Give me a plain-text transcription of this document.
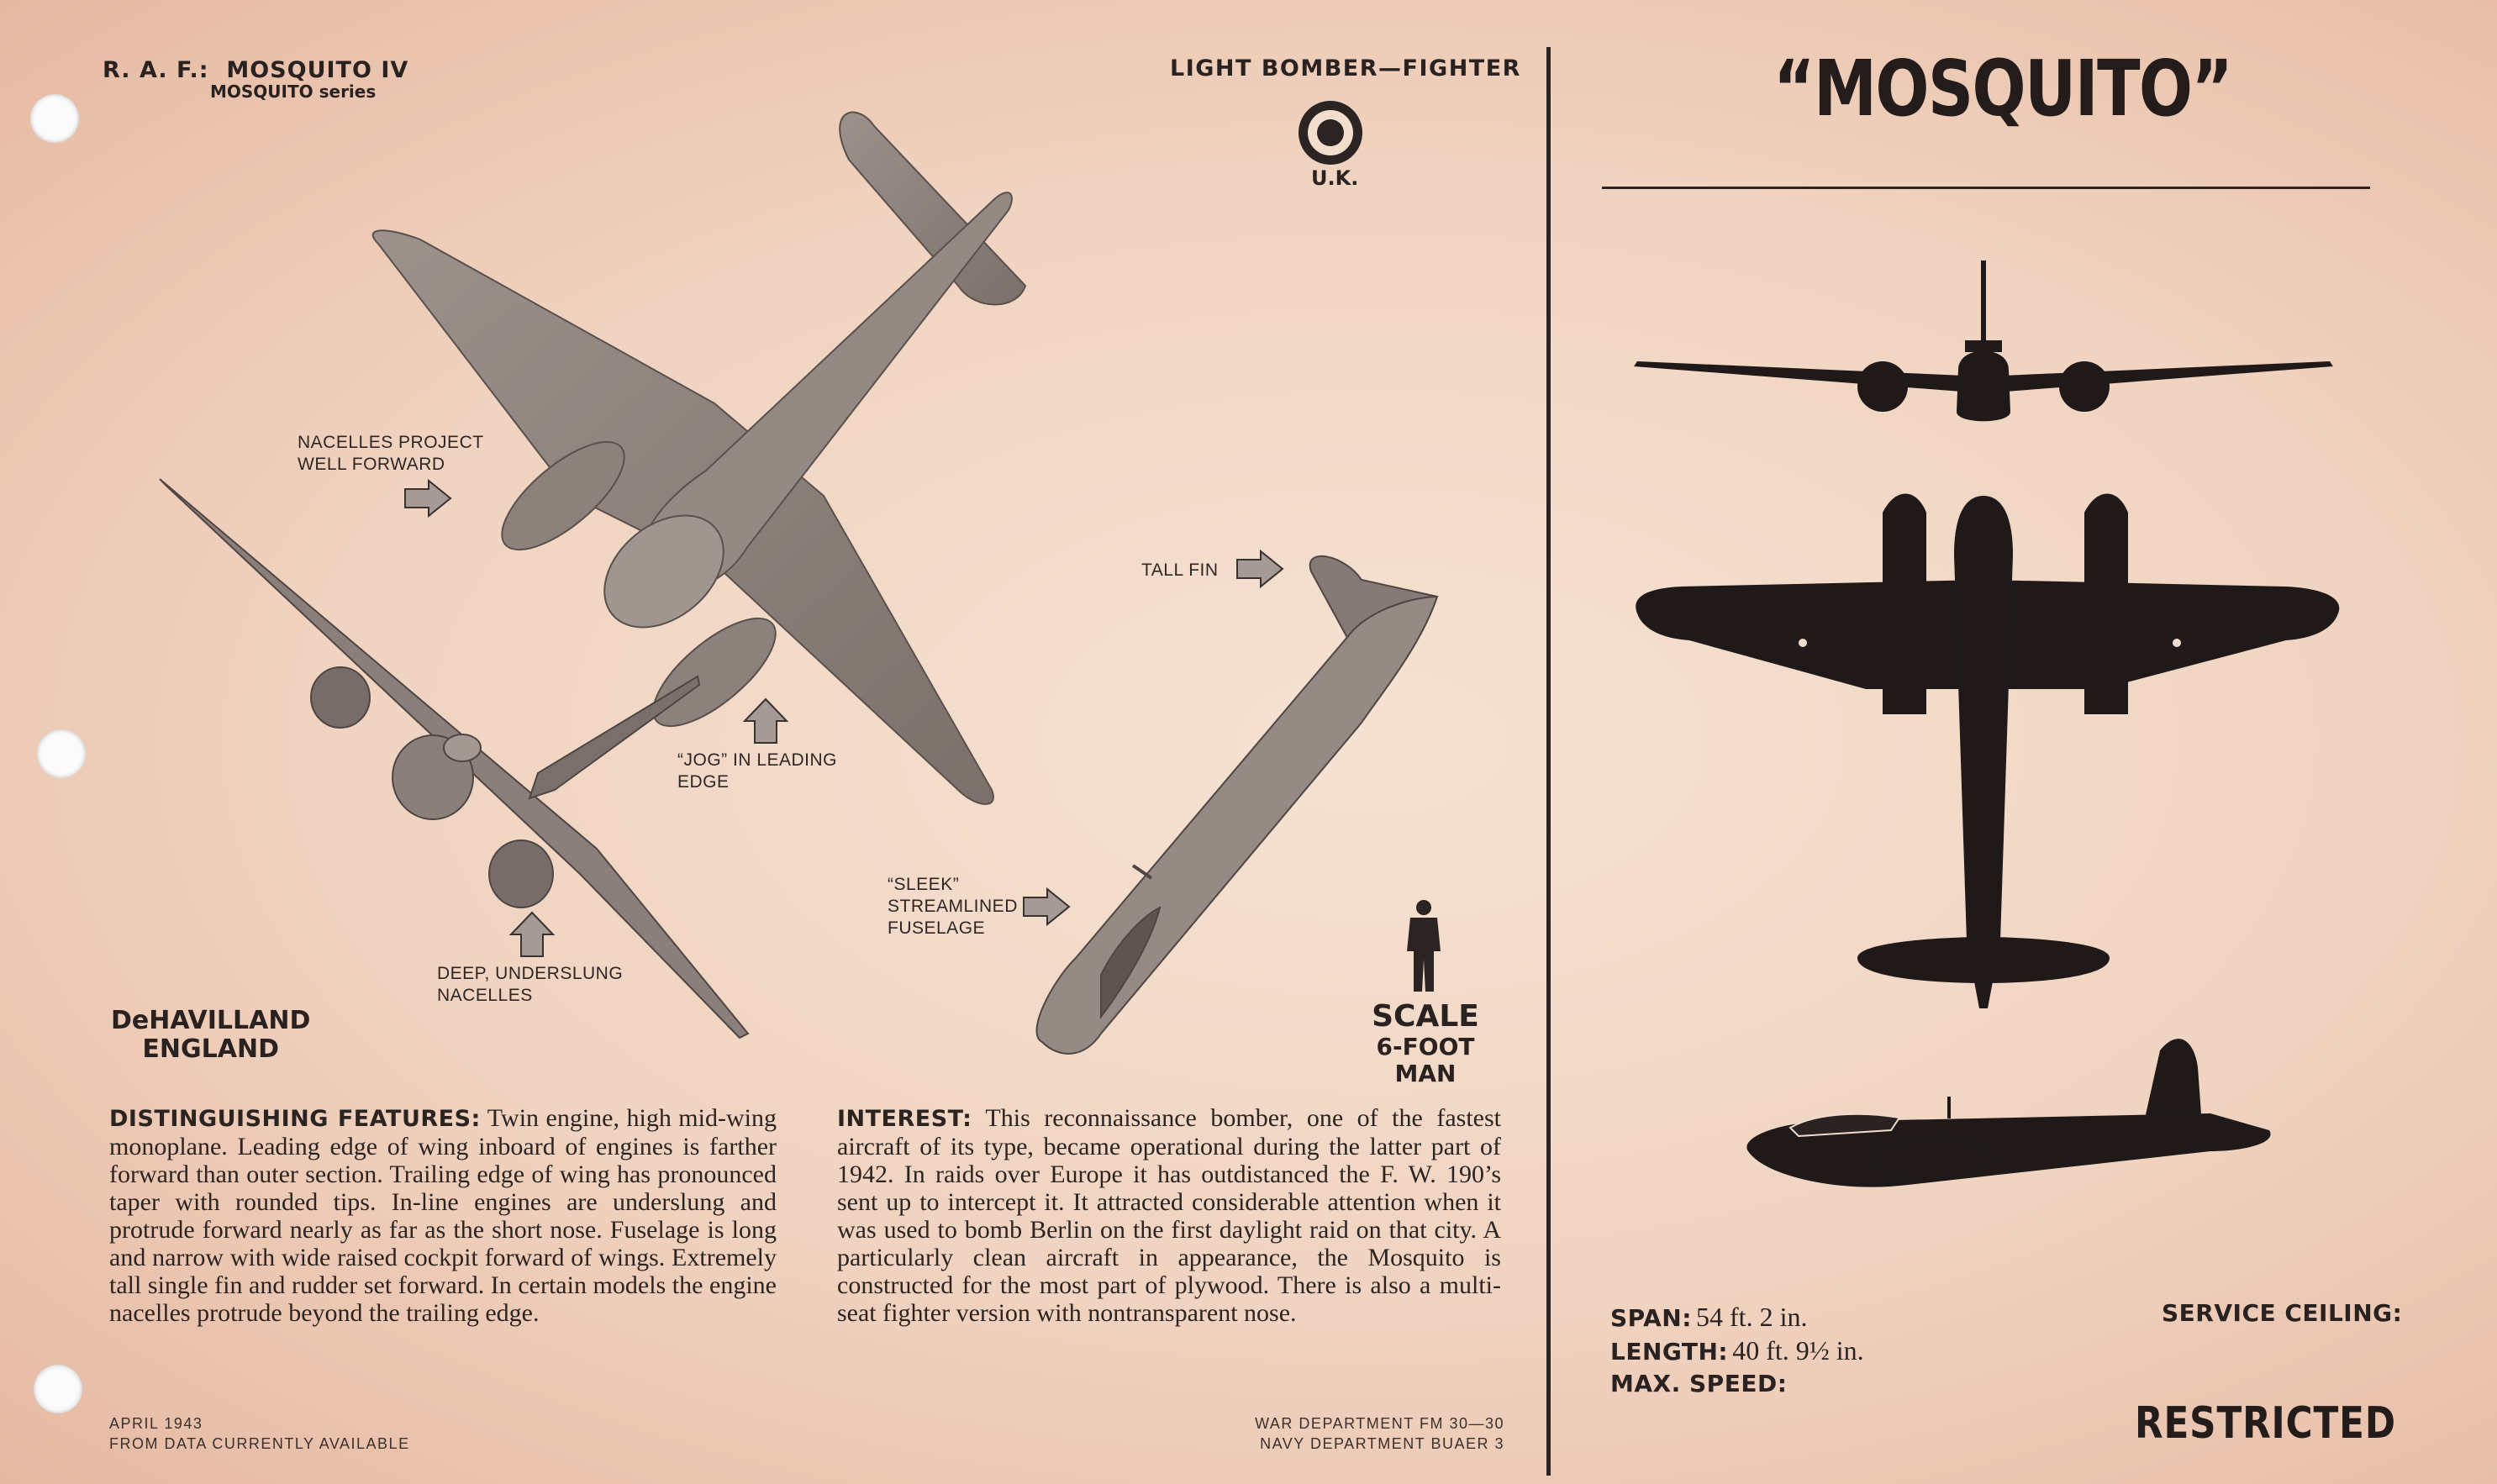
R. A. F.: MOSQUITO IV
MOSQUITO series
LIGHT BOMBER—FIGHTER
U.K.
“MOSQUITO”
NACELLES PROJECT
WELL FORWARD
“JOG” IN LEADING
EDGE
DEEP, UNDERSLUNG
NACELLES
TALL FIN
“SLEEK”
STREAMLINED
FUSELAGE
DeHAVILLAND
ENGLAND
SCALE
6-FOOT MAN
DISTINGUISHING FEATURES: Twin engine, high mid-wing monoplane. Leading edge of wing inboard of engines is farther forward than outer section. Trailing edge of wing has pronounced taper with rounded tips. In-line engines are underslung and protrude forward nearly as far as the short nose. Fuselage is long and narrow with wide raised cockpit forward of wings. Extremely tall single fin and rudder set forward. In certain models the engine nacelles protrude beyond the trailing edge.
INTEREST: This reconnaissance bomber, one of the fastest aircraft of its type, became operational during the latter part of 1942. In raids over Europe it has outdistanced the F. W. 190’s sent up to intercept it. It attracted considerable attention when it was used to bomb Berlin on the first daylight raid on that city. A particularly clean aircraft in appearance, the Mosquito is constructed for the most part of plywood. There is also a multi-seat fighter version with nontransparent nose.
APRIL 1943
FROM DATA CURRENTLY AVAILABLE
WAR DEPARTMENT FM 30—30
NAVY DEPARTMENT BUAER 3
SPAN: 54 ft. 2 in.
LENGTH: 40 ft. 9½ in.
MAX. SPEED:
SERVICE CEILING:
RESTRICTED
